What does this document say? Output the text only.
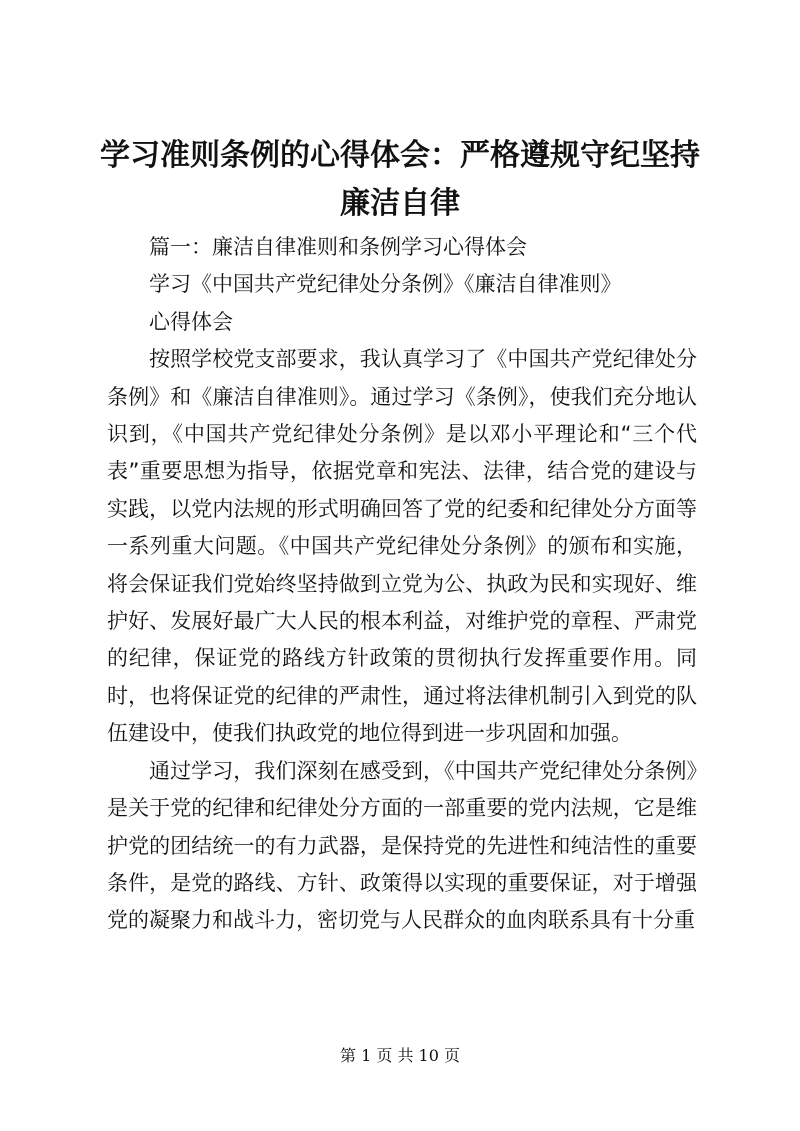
学习准则条例的心得体会：严格遵规守纪坚持
廉洁自律

篇一：廉洁自律准则和条例学习心得体会

学习《中国共产党纪律处分条例》《廉洁自律准则》

心得体会

按照学校党支部要求，我认真学习了《中国共产党纪律处分条例》和《廉洁自律准则》。通过学习《条例》，使我们充分地认识到，《中国共产党纪律处分条例》是以邓小平理论和“三个代表”重要思想为指导，依据党章和宪法、法律，结合党的建设与实践，以党内法规的形式明确回答了党的纪委和纪律处分方面等一系列重大问题。《中国共产党纪律处分条例》的颁布和实施，将会保证我们党始终坚持做到立党为公、执政为民和实现好、维护好、发展好最广大人民的根本利益，对维护党的章程、严肃党的纪律，保证党的路线方针政策的贯彻执行发挥重要作用。同时，也将保证党的纪律的严肃性，通过将法律机制引入到党的队伍建设中，使我们执政党的地位得到进一步巩固和加强。

通过学习，我们深刻在感受到，《中国共产党纪律处分条例》是关于党的纪律和纪律处分方面的一部重要的党内法规，它是维护党的团结统一的有力武器，是保持党的先进性和纯洁性的重要条件，是党的路线、方针、政策得以实现的重要保证，对于增强党的凝聚力和战斗力，密切党与人民群众的血肉联系具有十分重

第 1 页 共 10 页
